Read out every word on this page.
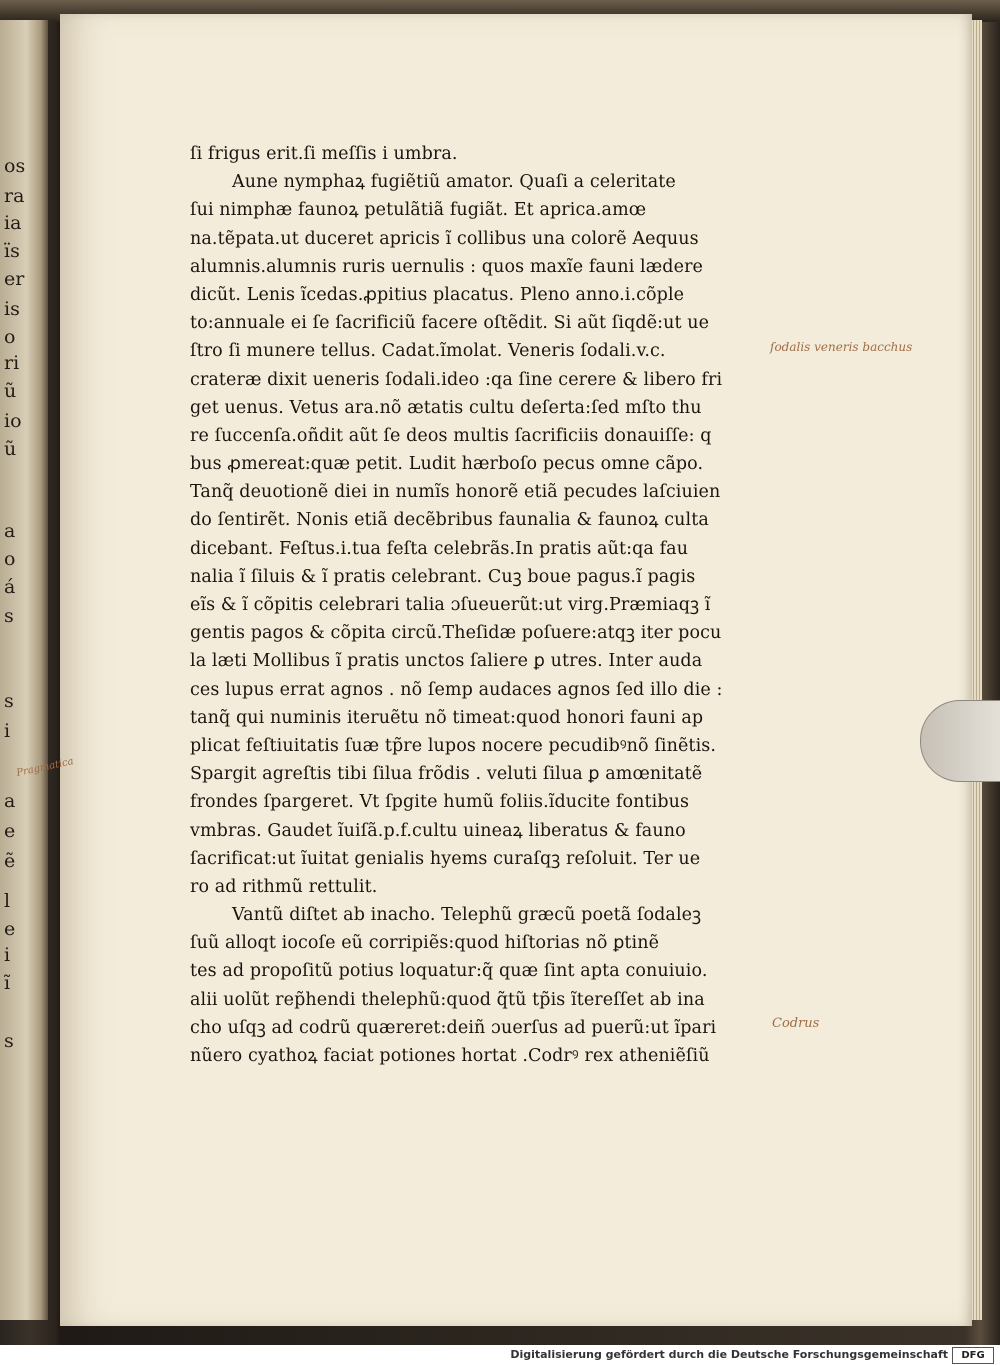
os
ra
ia
ïs
er
is
o
ri
ũ
io
ũ
a
o
á
s
s
i
a
e
ẽ
l
e
i
ĩ
s
ſi frigus erit.ſi meſſis i umbra.
Aune nymphaꝝ fugiẽtiũ amator. Quaſi a celeritate
ſui nimphæ faunoꝝ petulãtiã fugiãt. Et aprica.amœ
na.tẽpata.ut duceret apricis ĩ collibus una colorẽ Aequus
alumnis.alumnis ruris uernulis : quos maxĩe fauni lædere
dicũt. Lenis ĩcedas.ꝓpitius placatus. Pleno anno.i.cõple
to:annuale ei ſe ſacrificiũ facere oſtẽdit. Si aũt ſiqdẽ:ut ue
ſtro ſi munere tellus. Cadat.ĩmolat. Veneris ſodali.v.c.
crateræ dixit ueneris ſodali.ideo :qa ſine cerere & libero fri
get uenus. Vetus ara.nõ ætatis cultu deſerta:ſed mſto thu
re ſuccenſa.oñdit aũt ſe deos multis ſacrificiis donauiſſe: q
bus ꝓmereat:quæ petit. Ludit hærboſo pecus omne cãpo.
Tanq̃ deuotionẽ diei in numĩs honorẽ etiã pecudes laſciuien
do ſentirẽt. Nonis etiã decẽbribus faunalia & faunoꝝ culta
dicebant. Feſtus.i.tua feſta celebrãs.In pratis aũt:qa fau
nalia ĩ ſiluis & ĩ pratis celebrant. Cuꝫ boue pagus.ĩ pagis
eĩs & ĩ cõpitis celebrari talia ɔſueuerũt:ut virg.Præmiaqꝫ ĩ
gentis pagos & cõpita circũ.Theſidæ poſuere:atqꝫ iter pocu
la læti Mollibus ĩ pratis unctos ſaliere ꝑ utres. Inter auda
ces lupus errat agnos . nõ ſemp audaces agnos ſed illo die :
tanq̃ qui numinis iteruẽtu nõ timeat:quod honori fauni ap
plicat feſtiuitatis ſuæ tp̃re lupos nocere pecudibꝰnõ ſinẽtis.
Spargit agreſtis tibi ſilua frõdis . veluti ſilua ꝑ amœnitatẽ
frondes ſpargeret. Vt ſpgite humũ foliis.ĩducite fontibus
vmbras. Gaudet ĩuiſã.p.f.cultu uineaꝝ liberatus & fauno
ſacrificat:ut ĩuitat genialis hyems curaſqꝫ reſoluit. Ter ue
ro ad rithmũ rettulit.
Vantũ diſtet ab inacho. Telephũ græcũ poetã ſodaleꝫ
ſuũ alloqt iocoſe eũ corripiẽs:quod hiſtorias nõ ꝑtinẽ
tes ad propoſitũ potius loquatur:q̃ quæ ſint apta conuiuio.
alii uolũt rep̃hendi thelephũ:quod q̃tũ tp̃is ĩtereſſet ab ina
cho uſqꝫ ad codrũ quæreret:deiñ ɔuerſus ad puerũ:ut ĩpari
nũero cyathoꝝ faciat potiones hortat .Codrꝰ rex atheniẽſiũ
ſodalis veneris bacchus
Codrus
Pragmatica
Digitalisierung gefördert durch die Deutsche Forschungsgemeinschaft	DFG
